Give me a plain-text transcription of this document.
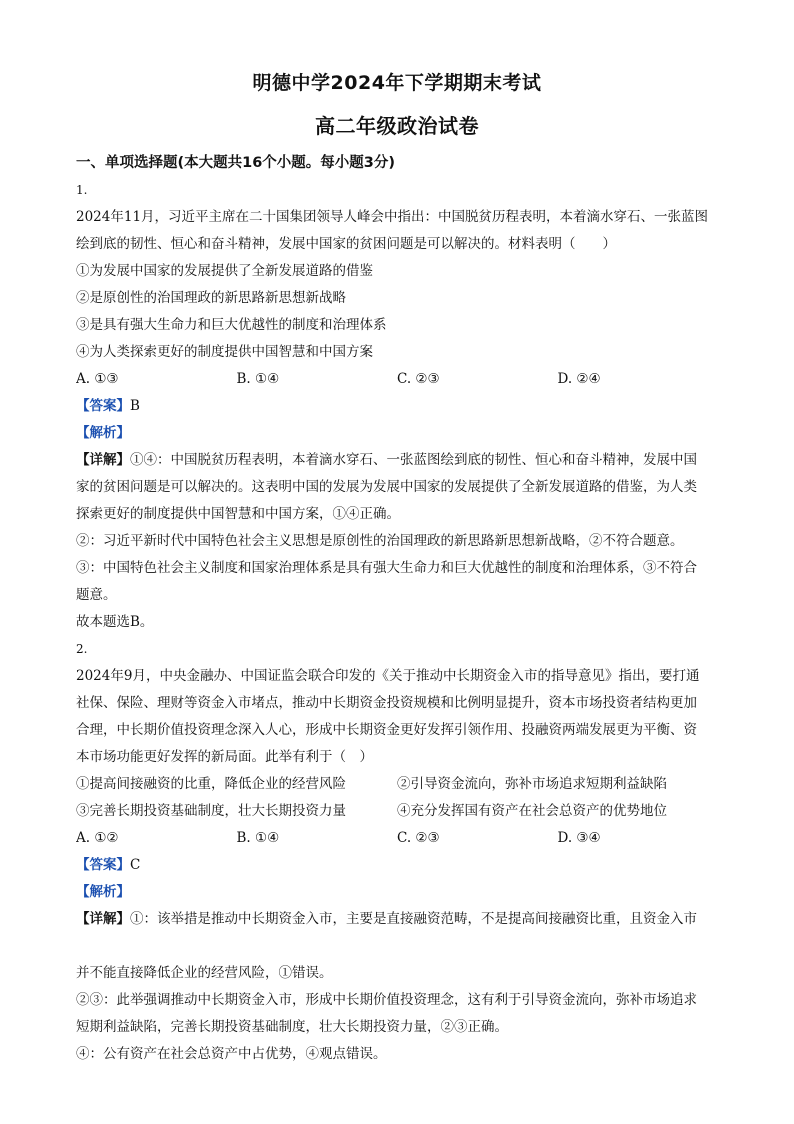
明德中学2024年下学期期末考试
高二年级政治试卷
一、单项选择题(本大题共16个小题。每小题3分)
1.
2024年11月，习近平主席在二十国集团领导人峰会中指出：中国脱贫历程表明，本着滴水穿石、一张蓝图
绘到底的韧性、恒心和奋斗精神，发展中国家的贫困问题是可以解决的。材料表明（　　）
①为发展中国家的发展提供了全新发展道路的借鉴
②是原创性的治国理政的新思路新思想新战略
③是具有强大生命力和巨大优越性的制度和治理体系
④为人类探索更好的制度提供中国智慧和中国方案
A. ①③	B. ①④	C. ②③	D. ②④
【答案】B
【解析】
【详解】①④：中国脱贫历程表明，本着滴水穿石、一张蓝图绘到底的韧性、恒心和奋斗精神，发展中国
家的贫困问题是可以解决的。这表明中国的发展为发展中国家的发展提供了全新发展道路的借鉴，为人类
探索更好的制度提供中国智慧和中国方案，①④正确。
②：习近平新时代中国特色社会主义思想是原创性的治国理政的新思路新思想新战略，②不符合题意。
③：中国特色社会主义制度和国家治理体系是具有强大生命力和巨大优越性的制度和治理体系，③不符合
题意。
故本题选B。
2.
2024年9月，中央金融办、中国证监会联合印发的《关于推动中长期资金入市的指导意见》指出，要打通
社保、保险、理财等资金入市堵点，推动中长期资金投资规模和比例明显提升，资本市场投资者结构更加
合理，中长期价值投资理念深入人心，形成中长期资金更好发挥引领作用、投融资两端发展更为平衡、资
本市场功能更好发挥的新局面。此举有利于（　）
①提高间接融资的比重，降低企业的经营风险	②引导资金流向，弥补市场追求短期利益缺陷
③完善长期投资基础制度，壮大长期投资力量	④充分发挥国有资产在社会总资产的优势地位
A. ①②	B. ①④	C. ②③	D. ③④
【答案】C
【解析】
【详解】①：该举措是推动中长期资金入市，主要是直接融资范畴，不是提高间接融资比重，且资金入市
并不能直接降低企业的经营风险，①错误。
②③：此举强调推动中长期资金入市，形成中长期价值投资理念，这有利于引导资金流向，弥补市场追求
短期利益缺陷，完善长期投资基础制度，壮大长期投资力量，②③正确。
④：公有资产在社会总资产中占优势，④观点错误。
